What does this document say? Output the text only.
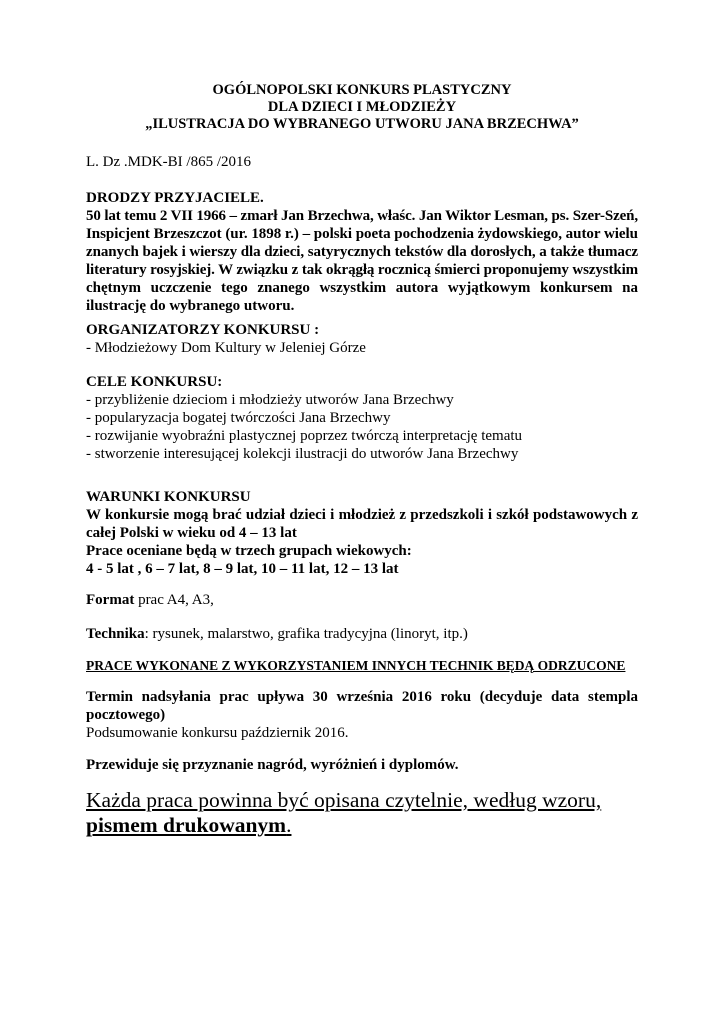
OGÓLNOPOLSKI KONKURS PLASTYCZNY
DLA DZIECI I MŁODZIEŻY
„ILUSTRACJA DO WYBRANEGO UTWORU JANA BRZECHWA”
L. Dz .MDK-BI /865 /2016
DRODZY PRZYJACIELE.
50 lat temu 2 VII 1966 – zmarł Jan Brzechwa, właśc. Jan Wiktor Lesman, ps. Szer-Szeń,
Inspicjent Brzeszczot (ur. 1898 r.) – polski poeta pochodzenia żydowskiego, autor wielu
znanych bajek i wierszy dla dzieci, satyrycznych tekstów dla dorosłych, a także tłumacz
literatury rosyjskiej. W związku z tak okrągłą rocznicą śmierci proponujemy wszystkim
chętnym uczczenie tego znanego wszystkim autora wyjątkowym konkursem na
ilustrację do wybranego utworu.
ORGANIZATORZY KONKURSU :
- Młodzieżowy Dom Kultury w Jeleniej Górze
CELE KONKURSU:
- przybliżenie dzieciom i młodzieży utworów Jana Brzechwy
- popularyzacja bogatej twórczości Jana Brzechwy
- rozwijanie wyobraźni plastycznej poprzez twórczą interpretację tematu
- stworzenie interesującej kolekcji ilustracji do utworów Jana Brzechwy
WARUNKI KONKURSU
W konkursie mogą brać udział dzieci i młodzież z przedszkoli i szkół podstawowych z
całej Polski w wieku od 4 – 13 lat
Prace oceniane będą w trzech grupach wiekowych:
4 - 5 lat , 6 – 7 lat, 8 – 9 lat, 10 – 11 lat, 12 – 13 lat
Format prac A4, A3,
Technika: rysunek, malarstwo, grafika tradycyjna (linoryt, itp.)
PRACE WYKONANE Z WYKORZYSTANIEM INNYCH TECHNIK BĘDĄ ODRZUCONE
Termin nadsyłania prac upływa 30 września 2016 roku (decyduje data stempla
pocztowego)
Podsumowanie konkursu październik 2016.
Przewiduje się przyznanie nagród, wyróżnień i dyplomów.
Każda praca powinna być opisana czytelnie, według wzoru,
pismem drukowanym.
